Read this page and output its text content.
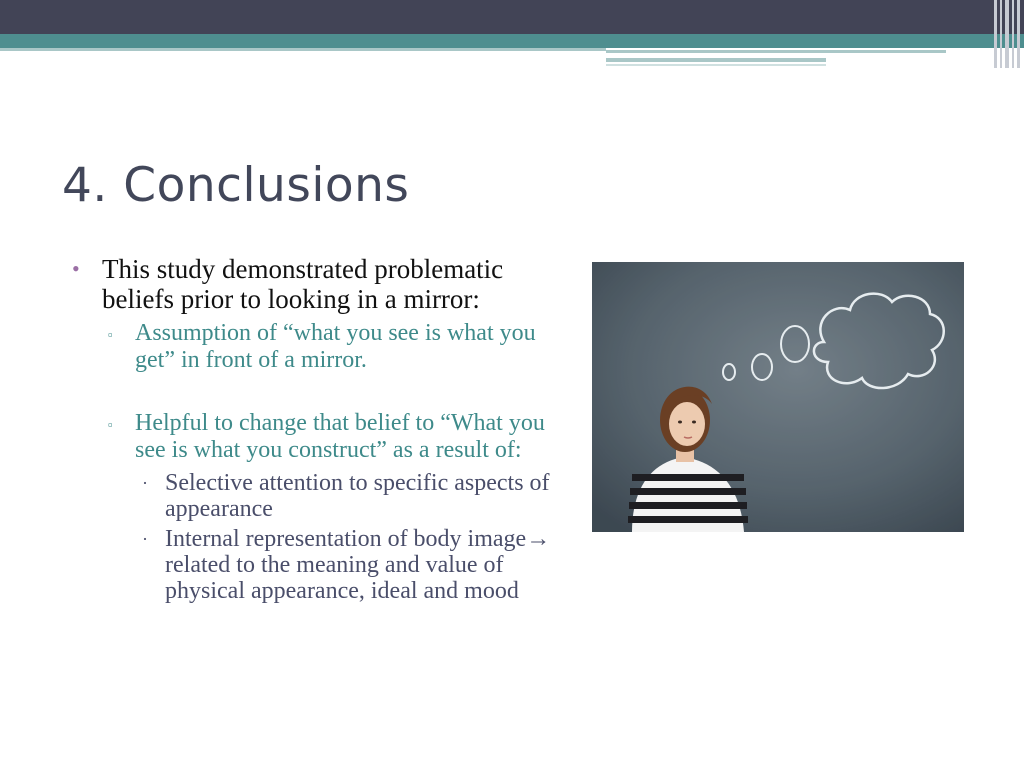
4. Conclusions
• This study demonstrated problematic beliefs prior to looking in a mirror:
▫ Assumption of “what you see is what you get” in front of a mirror.
▫ Helpful to change that belief to “What you see is what you construct” as a result of:
· Selective attention to specific aspects of appearance
· Internal representation of body image→ related to the meaning and value of physical appearance, ideal and mood
